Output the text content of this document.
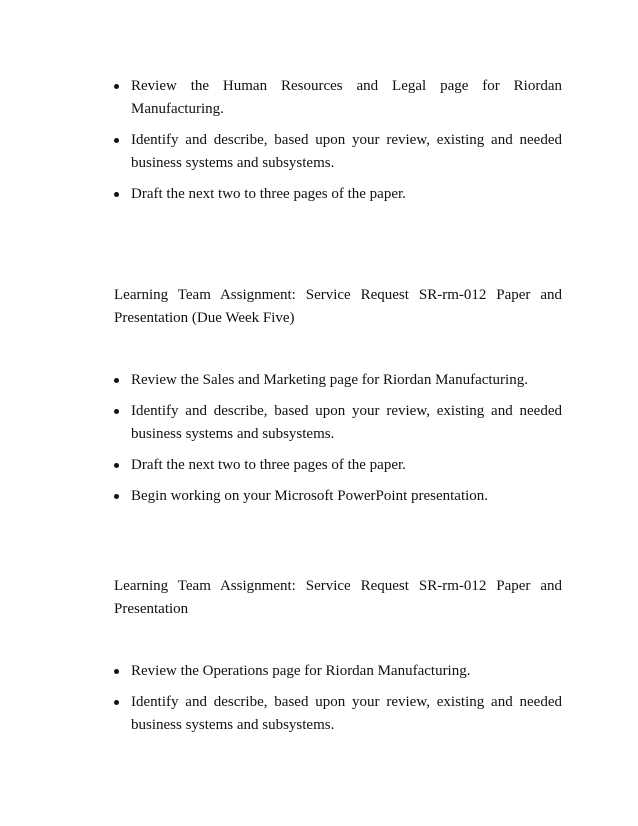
Review the Human Resources and Legal page for Riordan Manufacturing.
Identify and describe, based upon your review, existing and needed business systems and subsystems.
Draft the next two to three pages of the paper.

Learning Team Assignment: Service Request SR-rm-012 Paper and Presentation (Due Week Five)

Review the Sales and Marketing page for Riordan Manufacturing.
Identify and describe, based upon your review, existing and needed business systems and subsystems.
Draft the next two to three pages of the paper.
Begin working on your Microsoft PowerPoint presentation.

Learning Team Assignment: Service Request SR-rm-012 Paper and Presentation

Review the Operations page for Riordan Manufacturing.
Identify and describe, based upon your review, existing and needed business systems and subsystems.
